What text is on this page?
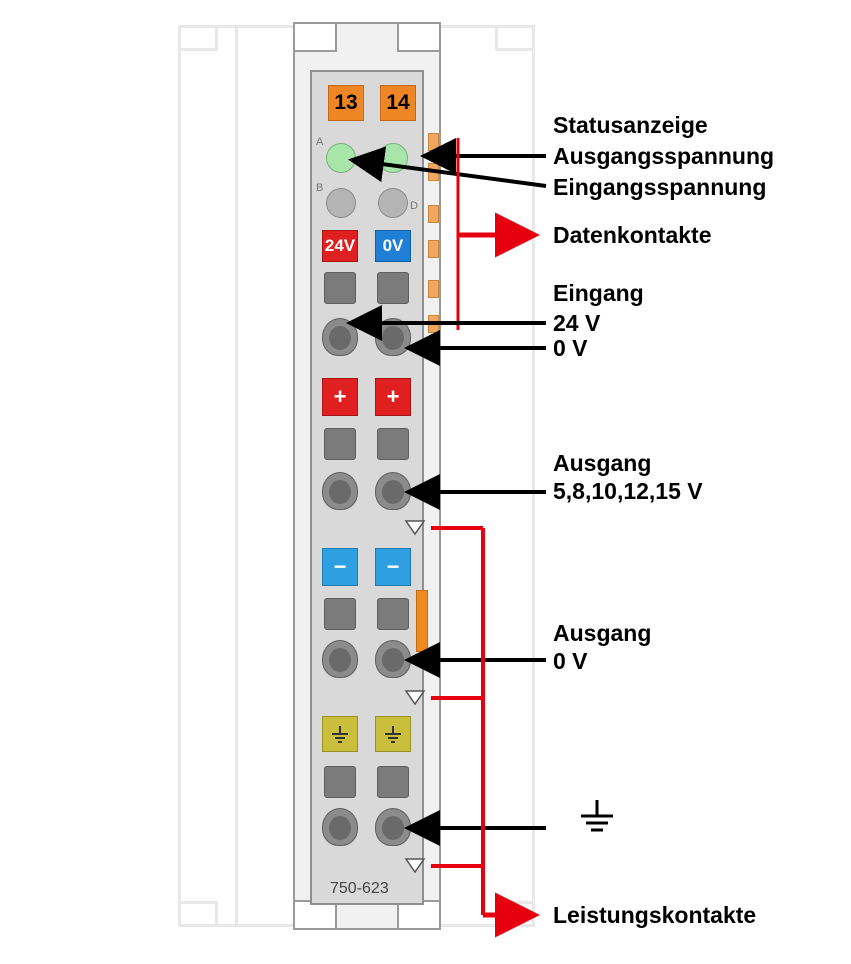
13	14
A
B
D
24V	0V
+	+
−	−
750-623
Statusanzeige
Ausgangsspannung
Eingangsspannung
Datenkontakte
Eingang
24 V
0 V
Ausgang
5,8,10,12,15 V
Ausgang
0 V
Leistungskontakte
